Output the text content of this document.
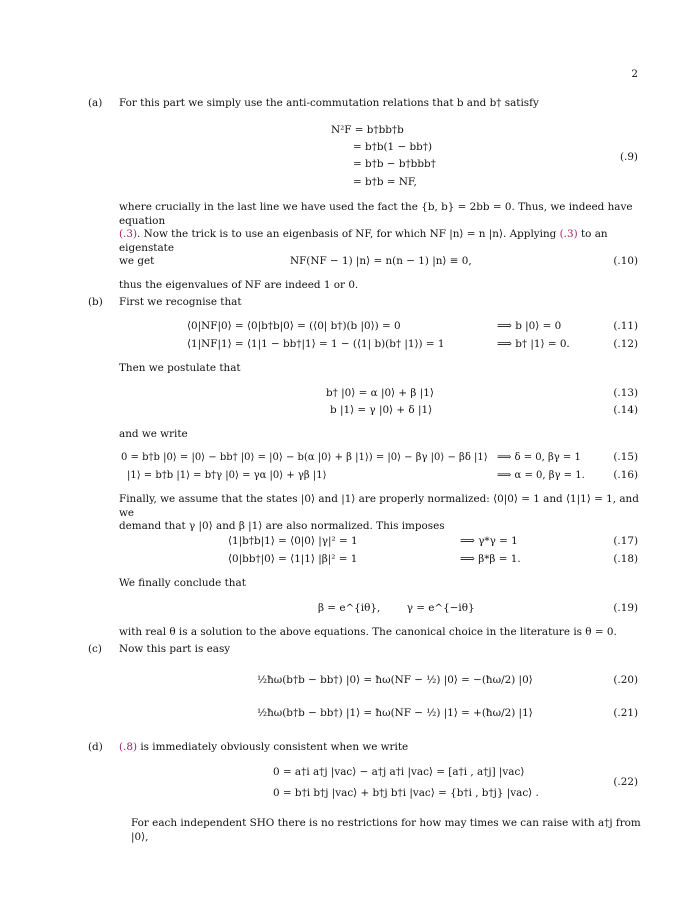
2
(a) For this part we simply use the anti-commutation relations that b and b† satisfy
N²F = b†bb†b
= b†b(1 − bb†)
= b†b − b†bbb†
= b†b = NF,
(.9)
where crucially in the last line we have used the fact the {b, b} = 2bb = 0. Thus, we indeed have equation
(.3). Now the trick is to use an eigenbasis of NF, for which NF |n⟩ = n |n⟩. Applying (.3) to an eigenstate
we get	NF(NF − 1) |n⟩ = n(n − 1) |n⟩ ≡ 0,	(.10)
thus the eigenvalues of NF are indeed 1 or 0.
(b) First we recognise that
⟨0|NF|0⟩ = ⟨0|b†b|0⟩ = (⟨0| b†)(b |0⟩) = 0	⟹ b |0⟩ = 0	(.11)
⟨1|NF|1⟩ = ⟨1|1 − bb†|1⟩ = 1 − (⟨1| b)(b† |1⟩) = 1	⟹ b† |1⟩ = 0.	(.12)
Then we postulate that
b† |0⟩ = α |0⟩ + β |1⟩	(.13)
b |1⟩ = γ |0⟩ + δ |1⟩	(.14)
and we write
0 = b†b |0⟩ = |0⟩ − bb† |0⟩ = |0⟩ − b(α |0⟩ + β |1⟩) = |0⟩ − βγ |0⟩ − βδ |1⟩ ⟹ δ = 0, βγ = 1	(.15)
|1⟩ = b†b |1⟩ = b†γ |0⟩ = γα |0⟩ + γβ |1⟩	⟹ α = 0, βγ = 1.	(.16)
Finally, we assume that the states |0⟩ and |1⟩ are properly normalized: ⟨0|0⟩ = 1 and ⟨1|1⟩ = 1, and we
demand that γ |0⟩ and β |1⟩ are also normalized. This imposes
⟨1|b†b|1⟩ = ⟨0|0⟩ |γ|² = 1	⟹ γ*γ = 1	(.17)
⟨0|bb†|0⟩ = ⟨1|1⟩ |β|² = 1	⟹ β*β = 1.	(.18)
We finally conclude that
β = e^{iθ},        γ = e^{−iθ}	(.19)
with real θ is a solution to the above equations. The canonical choice in the literature is θ = 0.
(c) Now this part is easy
½ħω(b†b − bb†) |0⟩ = ħω(NF − ½) |0⟩ = −(ħω/2) |0⟩	(.20)
½ħω(b†b − bb†) |1⟩ = ħω(NF − ½) |1⟩ = +(ħω/2) |1⟩	(.21)
(d) (.8) is immediately obviously consistent when we write
0 = a†i a†j |vac⟩ − a†j a†i |vac⟩ = [a†i , a†j] |vac⟩
0 = b†i b†j |vac⟩ + b†j b†i |vac⟩ = {b†i , b†j} |vac⟩ .
(.22)
For each independent SHO there is no restrictions for how may times we can raise with a†j from |0⟩,
